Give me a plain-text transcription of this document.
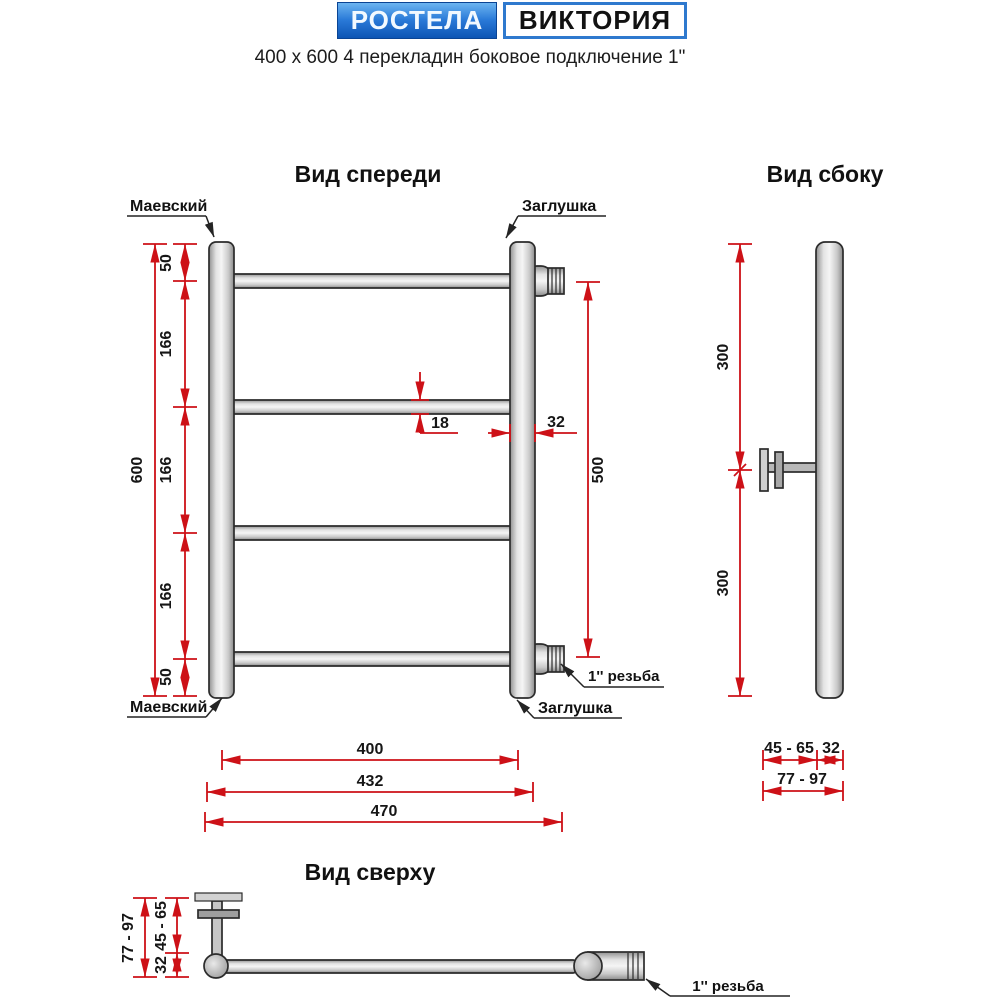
РОСТЕЛА	ВИКТОРИЯ
400 x 600 4 перекладин боковое подключение 1"
Вид спереди
Маевский	Заглушка
Маевский	Заглушка
1'' резьба
600
50
166
166
166
50
500
18	32
400
432
470
Вид сбоку
300
300
45 - 65 32
77 - 97
Вид сверху
77 - 97 45 - 65
32
1'' резьба
